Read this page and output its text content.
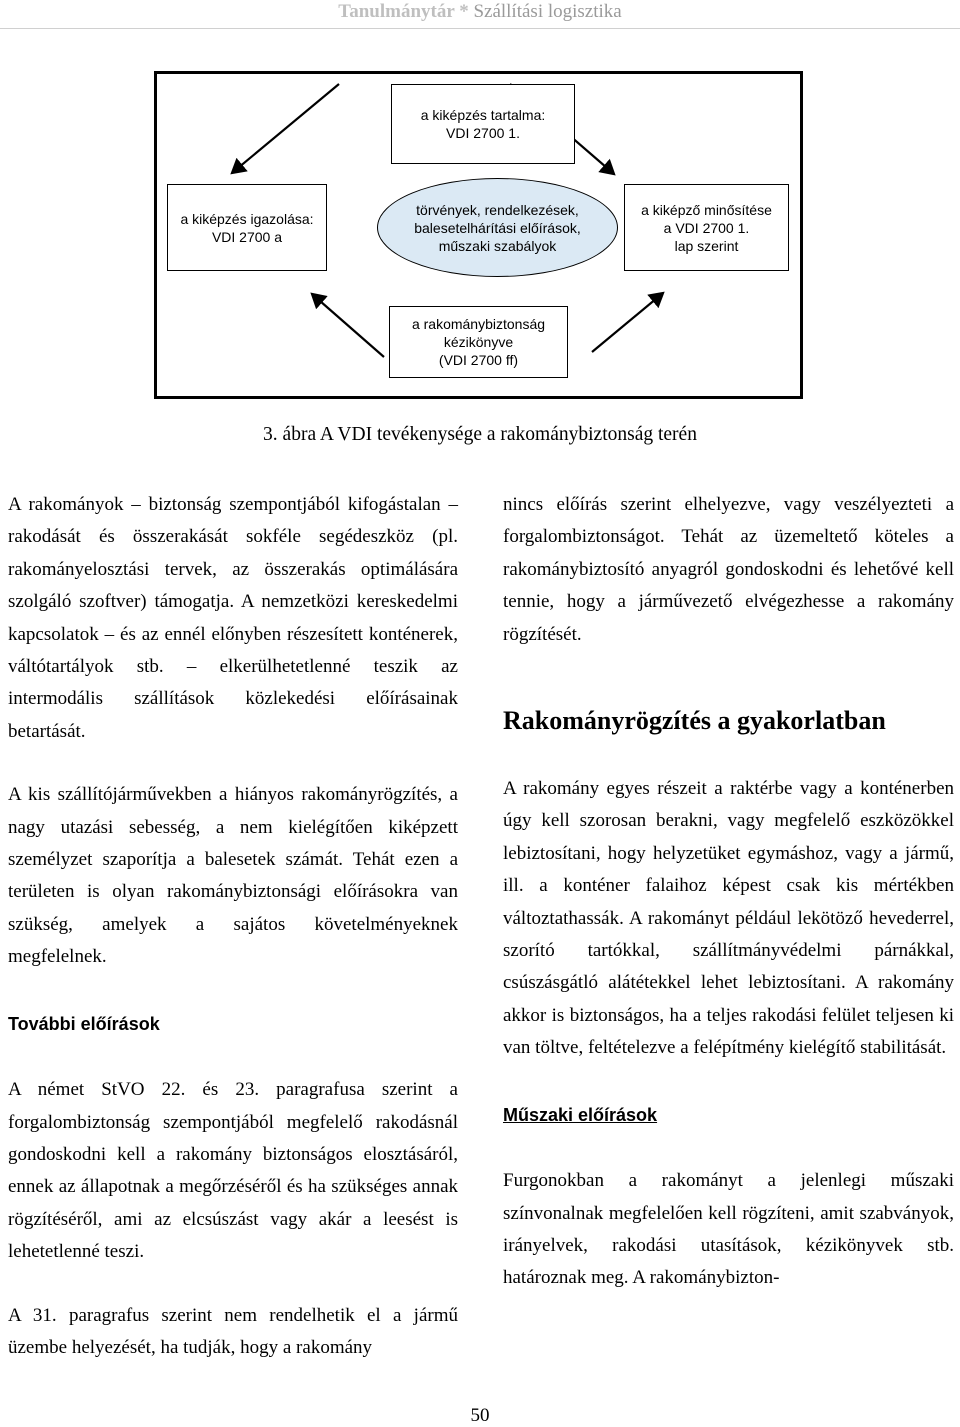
Tanulmánytár * Szállítási logisztika
a kiképzés tartalma:
VDI 2700 1.
a kiképzés igazolása:
VDI 2700 a
törvények, rendelkezések,
balesetelhárítási előírások,
műszaki szabályok
a kiképző minősítése
a VDI 2700 1.
lap szerint
a rakománybiztonság
kézikönyve
(VDI 2700 ff)
3. ábra A VDI tevékenysége a rakománybiztonság terén

A rakományok – biztonság szempontjából kifogástalan – rakodását és összerakását sokféle segédeszköz (pl. rakományelosztási tervek, az összerakás optimálására szolgáló szoftver) támogatja. A nemzetközi kereskedelmi kapcsolatok – és az ennél előnyben részesített konténerek, váltótartályok stb. – elkerülhetetlenné teszik az intermodális szállítások közlekedési előírásainak betartását.

A kis szállítójárművekben a hiányos rakományrögzítés, a nagy utazási sebesség, a nem kielégítően kiképzett személyzet szaporítja a balesetek számát. Tehát ezen a területen is olyan rakománybiztonsági előírásokra van szükség, amelyek a sajátos követelményeknek megfelelnek.

További előírások

A német StVO 22. és 23. paragrafusa szerint a forgalombiztonság szempontjából megfelelő rakodásnál gondoskodni kell a rakomány biztonságos elosztásáról, ennek az állapotnak a megőrzéséről és ha szükséges annak rögzítéséről, ami az elcsúszást vagy akár a leesést is lehetetlenné teszi.

A 31. paragrafus szerint nem rendelhetik el a jármű üzembe helyezését, ha tudják, hogy a rakomány

nincs előírás szerint elhelyezve, vagy veszélyezteti a forgalombiztonságot. Tehát az üzemeltető köteles a rakománybiztosító anyagról gondoskodni és lehetővé kell tennie, hogy a járművezető elvégezhesse a rakomány rögzítését.

Rakományrögzítés a gyakorlatban

A rakomány egyes részeit a raktérbe vagy a konténerben úgy kell szorosan berakni, vagy megfelelő eszközökkel lebiztosítani, hogy helyzetüket egymáshoz, vagy a jármű, ill. a konténer falaihoz képest csak kis mértékben változtathassák. A rakományt például lekötöző hevederrel, szorító tartókkal, szállítmányvédelmi párnákkal, csúszásgátló alátétekkel lehet lebiztosítani. A rakomány akkor is biztonságos, ha a teljes rakodási felület teljesen ki van töltve, feltételezve a felépítmény kielégítő stabilitását.

Műszaki előírások

Furgonokban a rakományt a jelenlegi műszaki színvonalnak megfelelően kell rögzíteni, amit szabványok, irányelvek, rakodási utasítások, kézikönyvek stb. határoznak meg. A rakománybizton-

50
